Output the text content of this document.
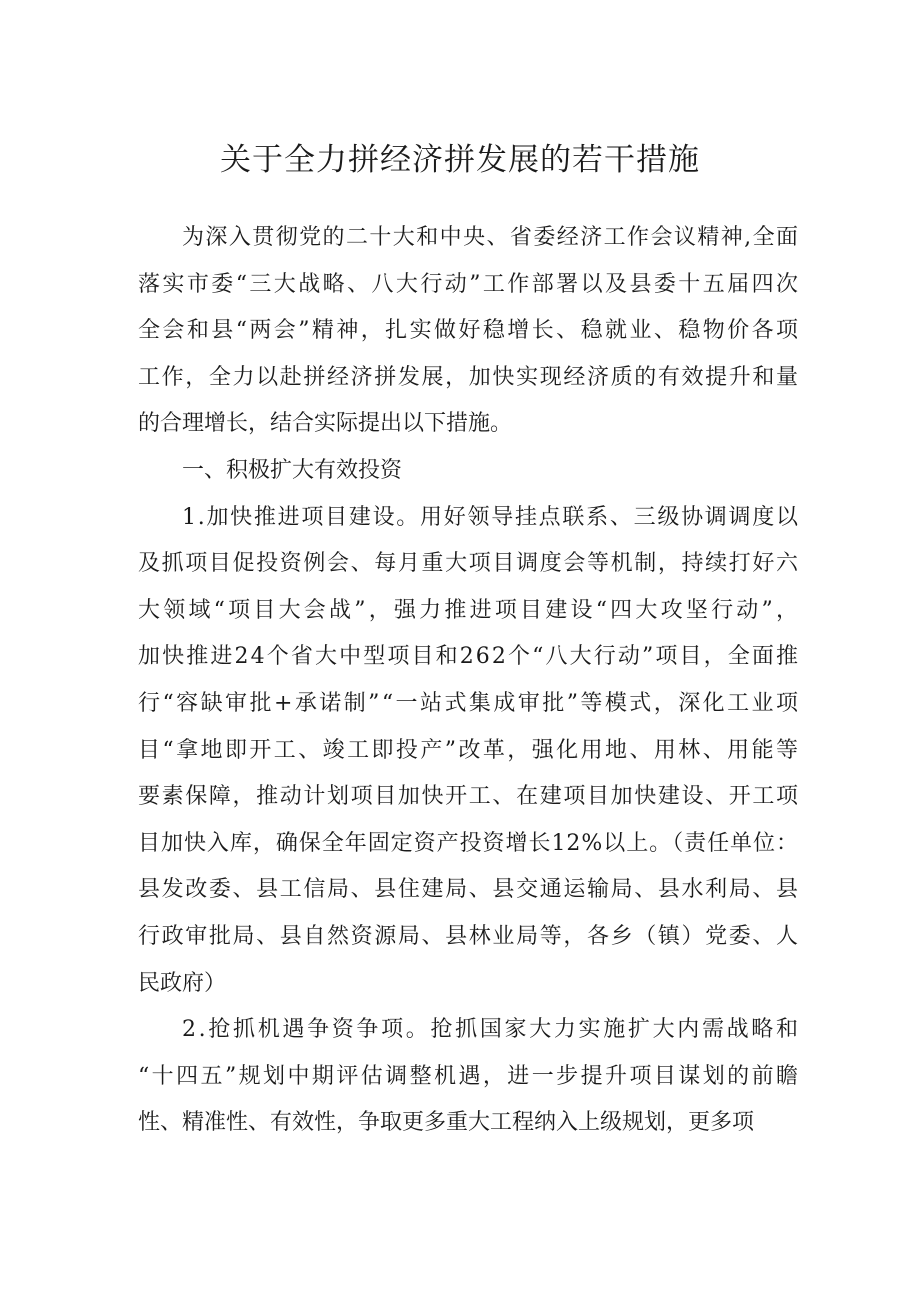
关于全力拼经济拼发展的若干措施
为深入贯彻党的二十大和中央、省委经济工作会议精神,全面
落实市委“三大战略、八大行动”工作部署以及县委十五届四次
全会和县“两会”精神，扎实做好稳增长、稳就业、稳物价各项
工作，全力以赴拼经济拼发展，加快实现经济质的有效提升和量
的合理增长，结合实际提出以下措施。
一、积极扩大有效投资
1.加快推进项目建设。用好领导挂点联系、三级协调调度以
及抓项目促投资例会、每月重大项目调度会等机制，持续打好六
大领域“项目大会战”，强力推进项目建设“四大攻坚行动”，
加快推进24个省大中型项目和262个“八大行动”项目，全面推
行“容缺审批+承诺制”“一站式集成审批”等模式，深化工业项
目“拿地即开工、竣工即投产”改革，强化用地、用林、用能等
要素保障，推动计划项目加快开工、在建项目加快建设、开工项
目加快入库，确保全年固定资产投资增长12%以上。（责任单位：
县发改委、县工信局、县住建局、县交通运输局、县水利局、县
行政审批局、县自然资源局、县林业局等，各乡（镇）党委、人
民政府）
2.抢抓机遇争资争项。抢抓国家大力实施扩大内需战略和
“十四五”规划中期评估调整机遇，进一步提升项目谋划的前瞻
性、精准性、有效性，争取更多重大工程纳入上级规划，更多项
